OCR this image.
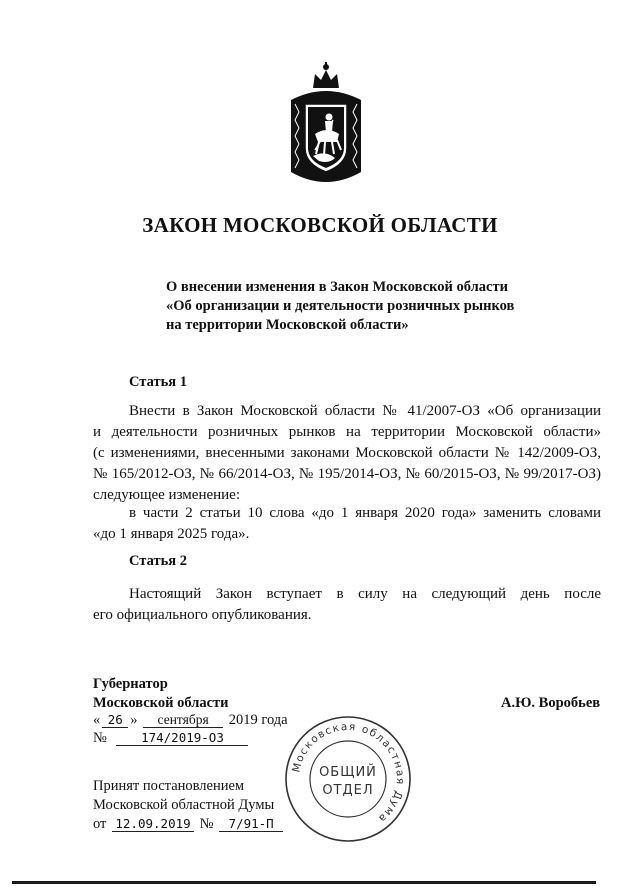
ЗАКОН МОСКОВСКОЙ ОБЛАСТИ
О внесении изменения в Закон Московской области
«Об организации и деятельности розничных рынков
на территории Московской области»
Статья 1
Внести в Закон Московской области № 41/2007-ОЗ «Об организации
и деятельности розничных рынков на территории Московской области»
(с изменениями, внесенными законами Московской области № 142/2009-ОЗ,
№ 165/2012-ОЗ, № 66/2014-ОЗ, № 195/2014-ОЗ, № 60/2015-ОЗ, № 99/2017-ОЗ)
следующее изменение:
в части 2 статьи 10 слова «до 1 января 2020 года» заменить словами
«до 1 января 2025 года».
Статья 2
Настоящий Закон вступает в силу на следующий день после
его официального опубликования.
Губернатор
Московской области	А.Ю. Воробьев
« 26 » сентября 2019 года
№	174/2019-ОЗ
Принят постановлением
Московской областной Думы
от 12.09.2019 № 7/91-П
Московская областная Дума
ОБЩИЙ
ОТДЕЛ
